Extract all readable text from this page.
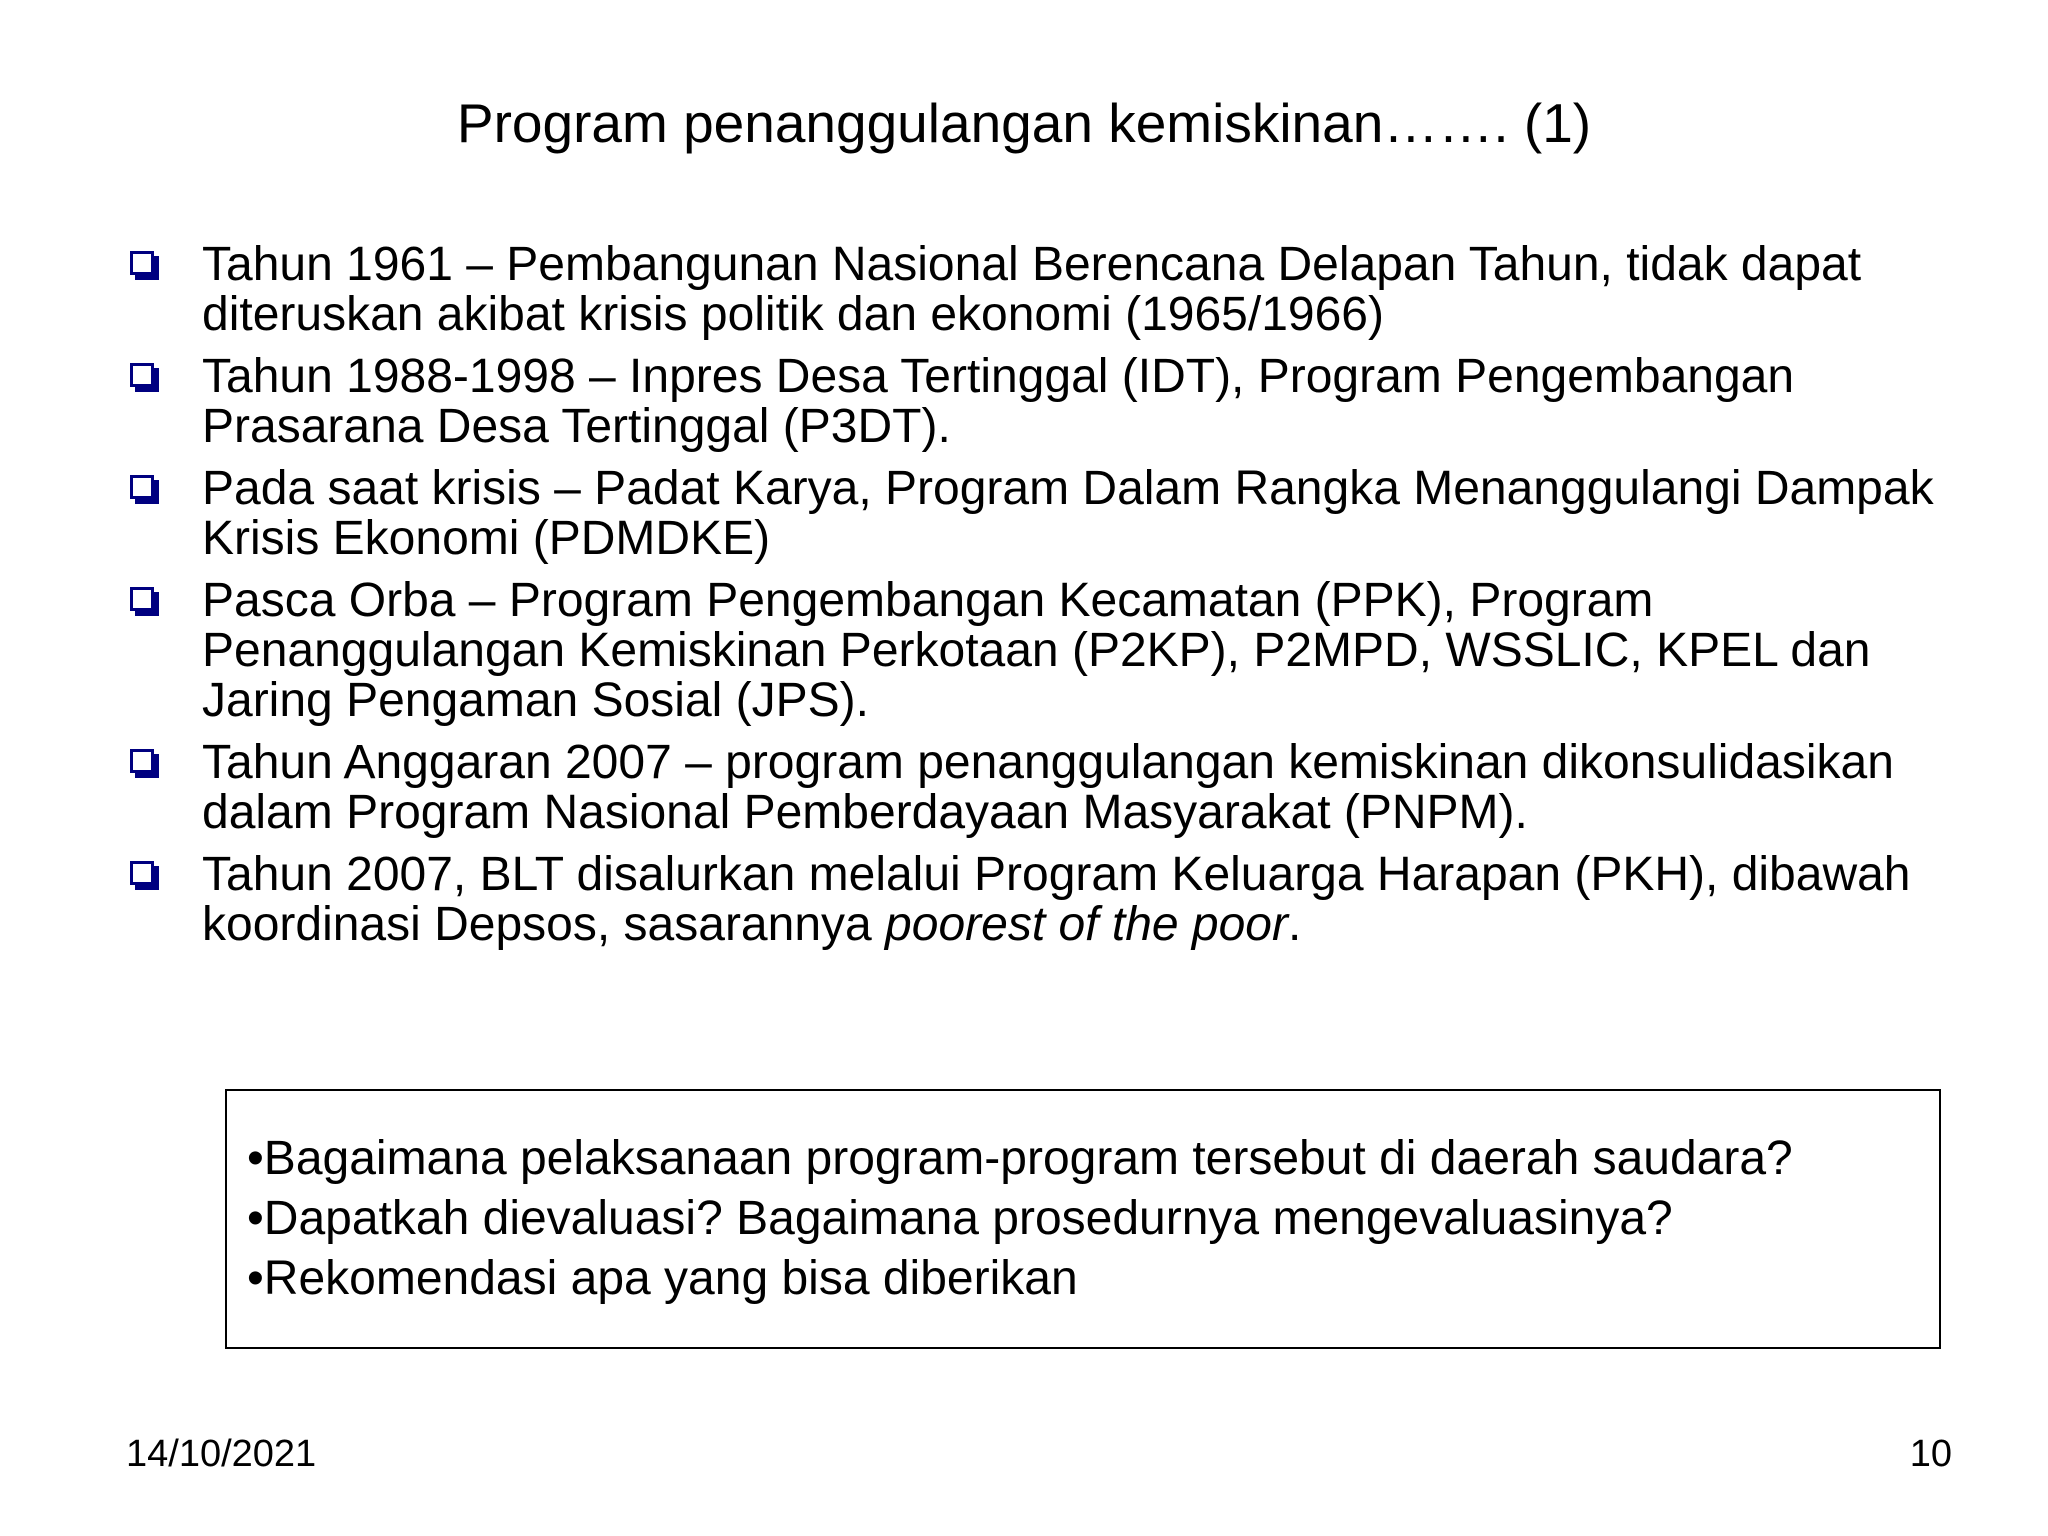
Program penanggulangan kemiskinan……. (1)
Tahun 1961 – Pembangunan Nasional Berencana Delapan Tahun, tidak dapat diteruskan akibat krisis politik dan ekonomi (1965/1966)
Tahun 1988-1998 – Inpres Desa Tertinggal (IDT), Program Pengembangan Prasarana Desa Tertinggal (P3DT).
Pada saat krisis – Padat Karya, Program Dalam Rangka Menanggulangi Dampak Krisis Ekonomi (PDMDKE)
Pasca Orba – Program Pengembangan Kecamatan (PPK), Program Penanggulangan Kemiskinan Perkotaan (P2KP), P2MPD, WSSLIC, KPEL dan Jaring Pengaman Sosial (JPS).
Tahun Anggaran 2007 – program penanggulangan kemiskinan dikonsulidasikan dalam Program Nasional Pemberdayaan Masyarakat (PNPM).
Tahun 2007, BLT disalurkan melalui Program Keluarga Harapan (PKH), dibawah koordinasi Depsos, sasarannya poorest of the poor.
•Bagaimana pelaksanaan program-program tersebut di daerah saudara?
•Dapatkah dievaluasi? Bagaimana prosedurnya mengevaluasinya?
•Rekomendasi apa yang bisa diberikan
14/10/2021	10
